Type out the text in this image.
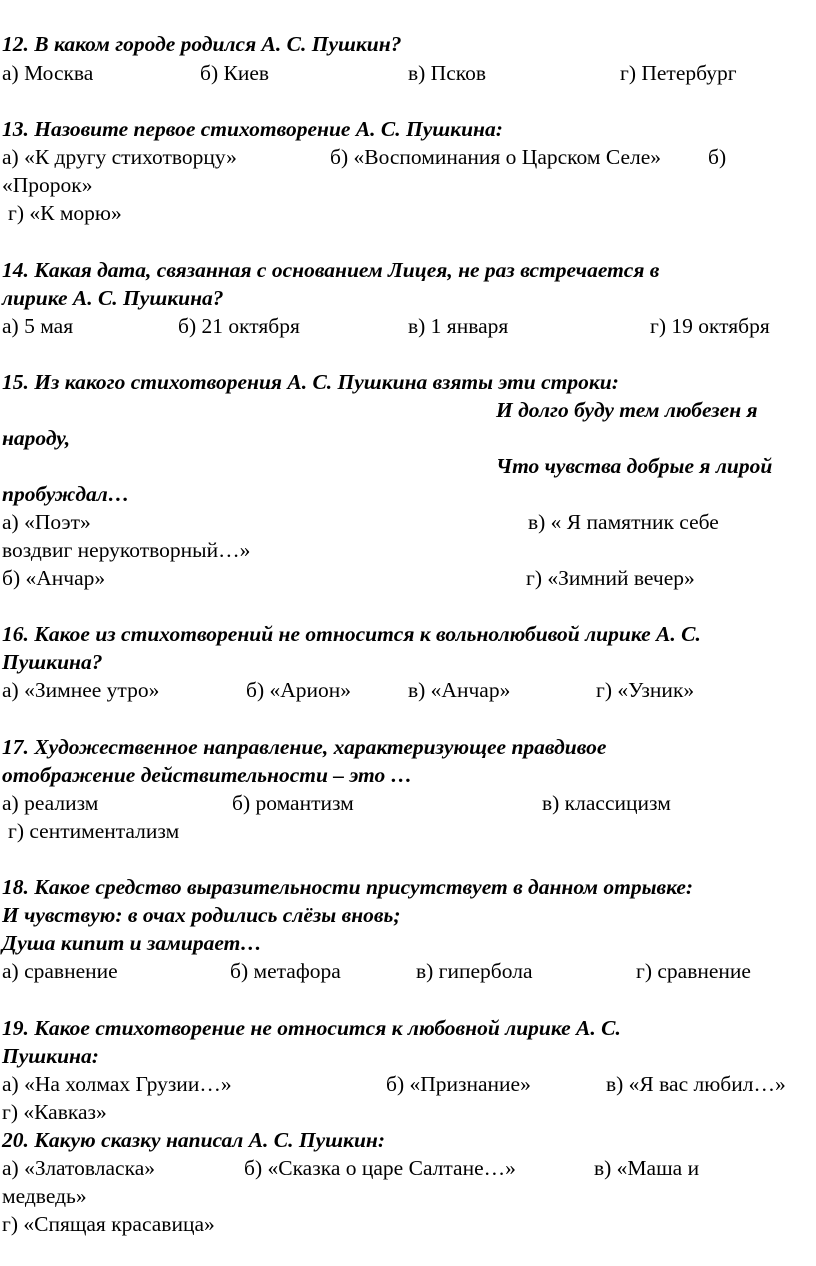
12. В каком городе родился А. С. Пушкин?
а) Москва	б) Киев	в) Псков	г) Петербург
13. Назовите первое стихотворение А. С. Пушкина:
а) «К другу стихотворцу»	б) «Воспоминания о Царском Селе» б)
«Пророк»
г) «К морю»
14. Какая дата, связанная с основанием Лицея, не раз встречается в
лирике А. С. Пушкина?
а) 5 мая	б) 21 октября	в) 1 января	г) 19 октября
15. Из какого стихотворения А. С. Пушкина взяты эти строки:
И долго буду тем любезен я
народу,
Что чувства добрые я лирой
пробуждал…
а) «Поэт»	в) « Я памятник себе
воздвиг нерукотворный…»
б) «Анчар»	г) «Зимний вечер»
16. Какое из стихотворений не относится к вольнолюбивой лирике А. С.
Пушкина?
а) «Зимнее утро»	б) «Арион»	в) «Анчар»	г) «Узник»
17. Художественное направление, характеризующее правдивое
отображение действительности – это …
а) реализм	б) романтизм	в) классицизм
г) сентиментализм
18. Какое средство выразительности присутствует в данном отрывке:
И чувствую: в очах родились слёзы вновь;
Душа кипит и замирает…
а) сравнение	б) метафора	в) гипербола	г) сравнение
19. Какое стихотворение не относится к любовной лирике А. С.
Пушкина:
а) «На холмах Грузии…»	б) «Признание»	в) «Я вас любил…»
г) «Кавказ»
20. Какую сказку написал А. С. Пушкин:
а) «Златовласка»	б) «Сказка о царе Салтане…»	в) «Маша и
медведь»
г) «Спящая красавица»
